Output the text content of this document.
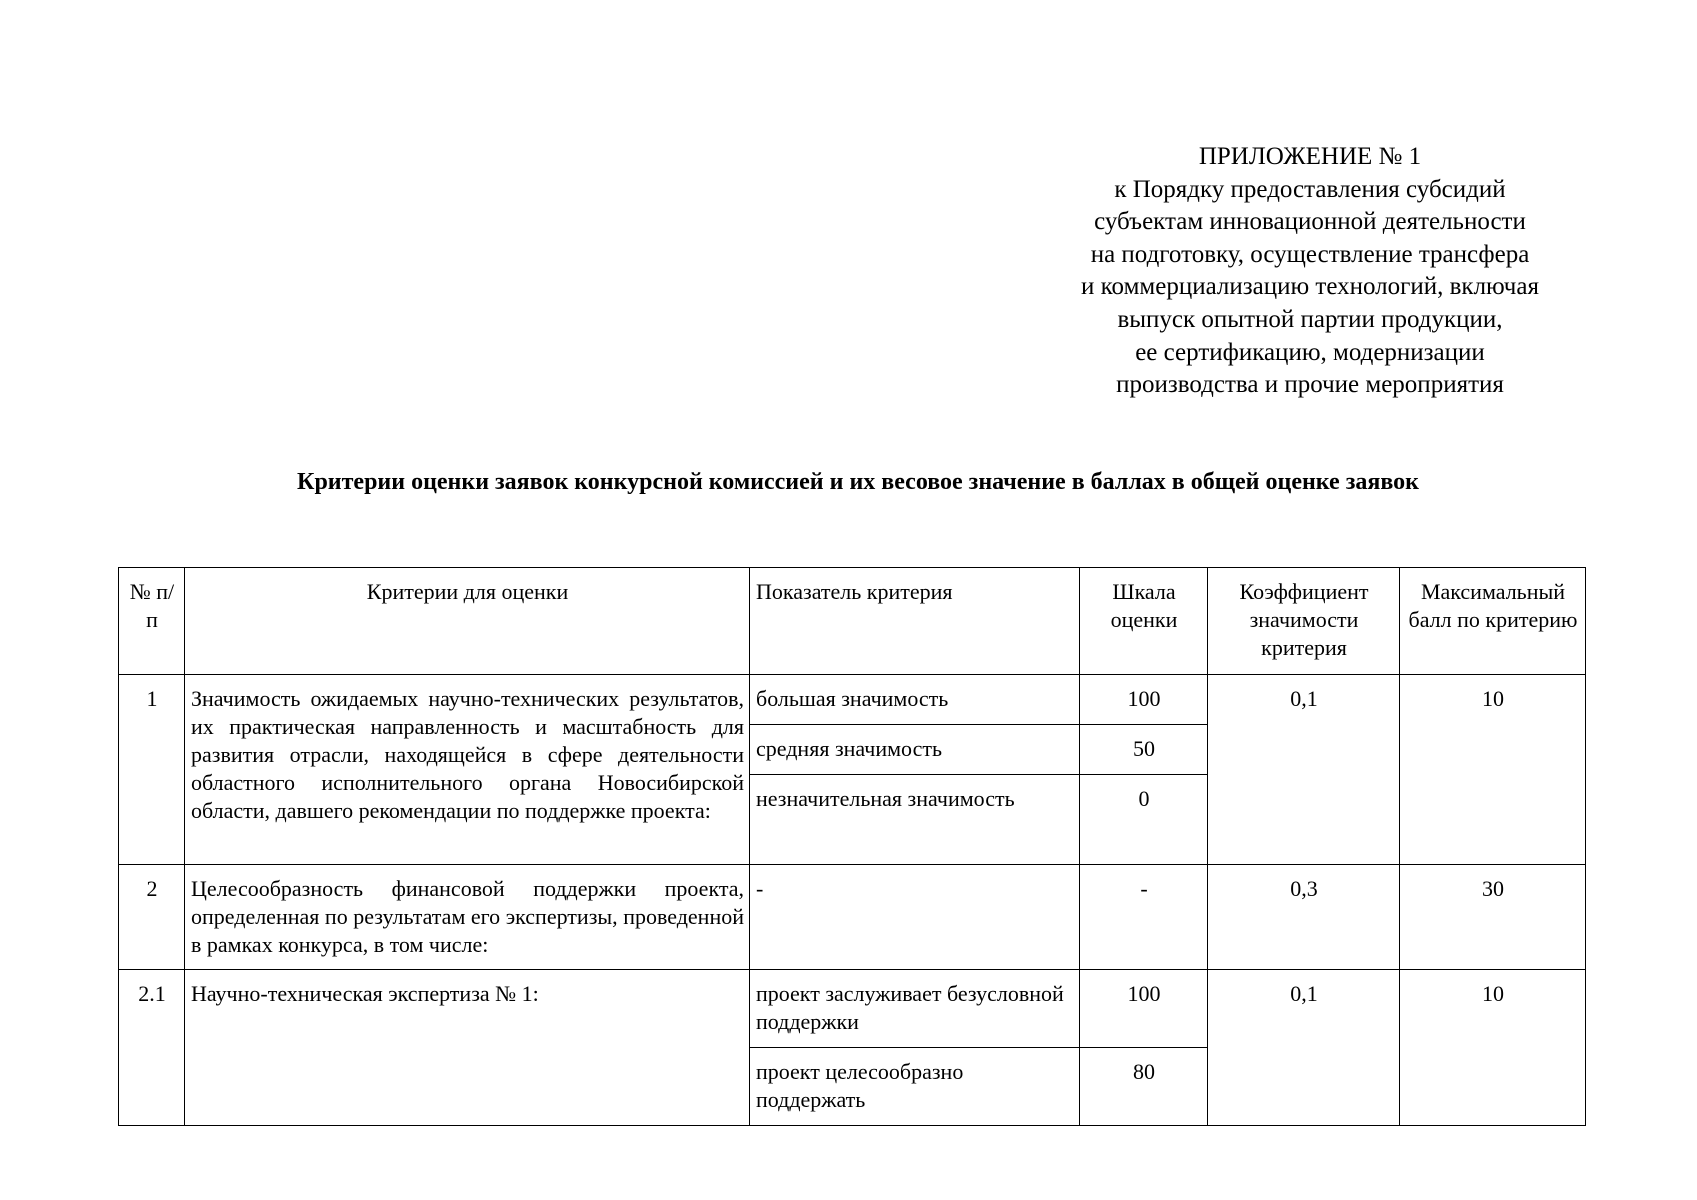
ПРИЛОЖЕНИЕ № 1
к Порядку предоставления субсидий
субъектам инновационной деятельности
на подготовку, осуществление трансфера
и коммерциализацию технологий, включая
выпуск опытной партии продукции,
ее сертификацию, модернизации
производства и прочие мероприятия
Критерии оценки заявок конкурсной комиссией и их весовое значение в баллах в общей оценке заявок
№ п/п	Критерии для оценки	Показатель критерия	Шкала оценки	Коэффициент значимости критерия	Максимальный балл по критерию
1	Значимость ожидаемых научно-технических результатов, их практическая направленность и масштабность для развития отрасли, находящейся в сфере деятельности областного исполнительного органа Новосибирской области, давшего рекомендации по поддержке проекта:	большая значимость	100	0,1	10
		средняя значимость	50		
		незначительная значимость	0		
2	Целесообразность финансовой поддержки проекта, определенная по результатам его экспертизы, проведенной в рамках конкурса, в том числе:	-	-	0,3	30
2.1	Научно-техническая экспертиза № 1:	проект заслуживает безусловной поддержки	100	0,1	10
		проект целесообразно поддержать	80		
